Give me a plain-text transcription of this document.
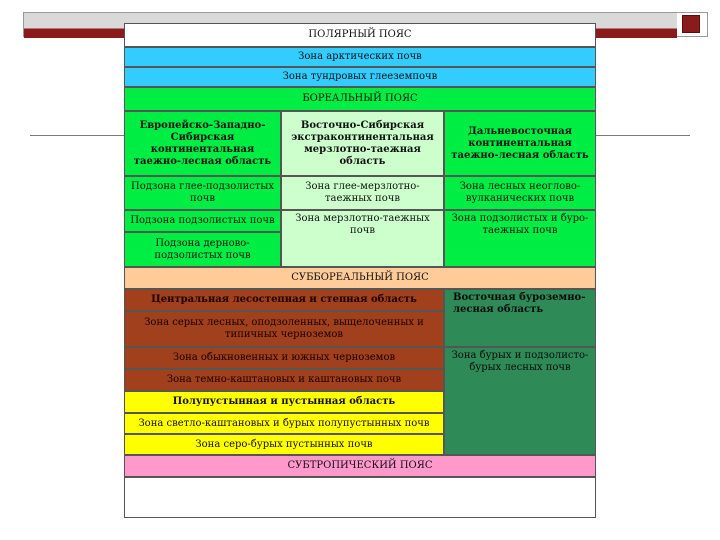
ПОЛЯРНЫЙ ПОЯС
Зона арктических почв
Зона тундровых глееземпочв
БОРЕАЛЬНЫЙ ПОЯС
Европейско-Западно-Сибирская континентальная таежно-лесная область
Восточно-Сибирская экстраконтинентальная мерзлотно-таежная область
Дальневосточная континентальная таежно-лесная область
Подзона глее-подзолистых почв
Зона глее-мерзлотно-таежных почв
Зона лесных неоглово-вулканических почв
Подзона подзолистых почв	Зона мерзлотно-таежных почв
Зона подзолистых и буро-таежных почв
Подзона дерново-подзолистых почв
СУББОРЕАЛЬНЫЙ ПОЯС
Центральная лесостепная и степная область
Зона серых лесных, оподзоленных, выщелоченных и типичных черноземов
Зона обыкновенных и южных черноземов
Зона темно-каштановых и каштановых почв
Восточная буроземно-лесная область
Зона бурых и подзолисто-бурых лесных почв
Полупустынная и пустынная область
Зона светло-каштановых и бурых полупустынных почв
Зона серо-бурых пустынных почв
СУБТРОПИЧЕСКИЙ ПОЯС
